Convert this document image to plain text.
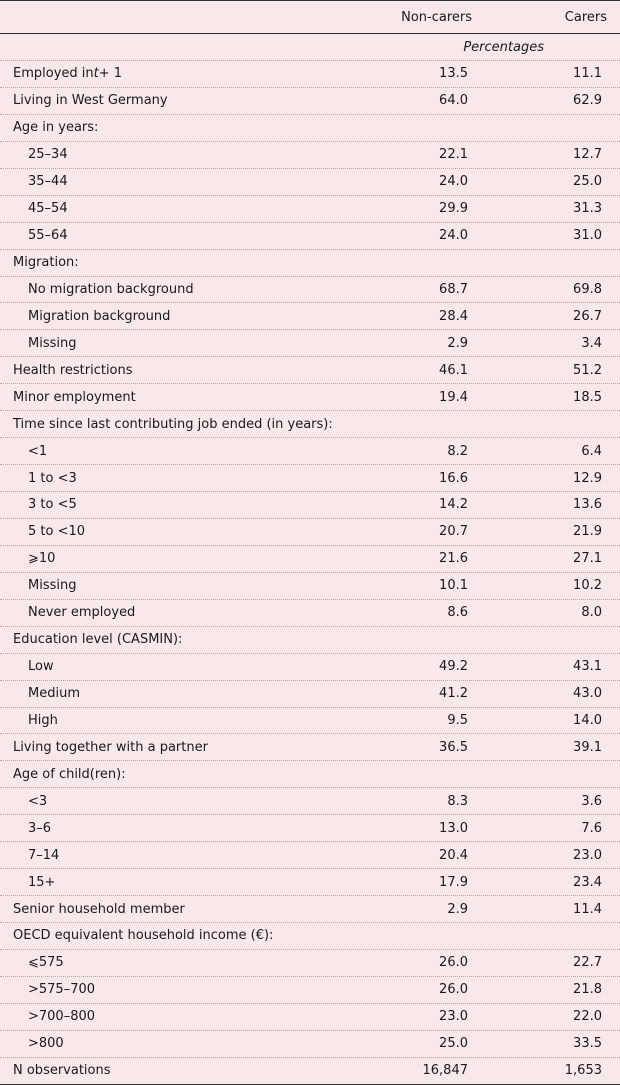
Non-carers	Carers
Percentages
Employed in t + 1	13.5	11.1
Living in West Germany	64.0	62.9
Age in years:
25–34	22.1	12.7
35–44	24.0	25.0
45–54	29.9	31.3
55–64	24.0	31.0
Migration:
No migration background	68.7	69.8
Migration background	28.4	26.7
Missing	2.9	3.4
Health restrictions	46.1	51.2
Minor employment	19.4	18.5
Time since last contributing job ended (in years):
<1	8.2	6.4
1 to <3	16.6	12.9
3 to <5	14.2	13.6
5 to <10	20.7	21.9
⩾10	21.6	27.1
Missing	10.1	10.2
Never employed	8.6	8.0
Education level (CASMIN):
Low	49.2	43.1
Medium	41.2	43.0
High	9.5	14.0
Living together with a partner	36.5	39.1
Age of child(ren):
<3	8.3	3.6
3–6	13.0	7.6
7–14	20.4	23.0
15+	17.9	23.4
Senior household member	2.9	11.4
OECD equivalent household income (€):
⩽575	26.0	22.7
>575–700	26.0	21.8
>700–800	23.0	22.0
>800	25.0	33.5
N observations	16,847	1,653
